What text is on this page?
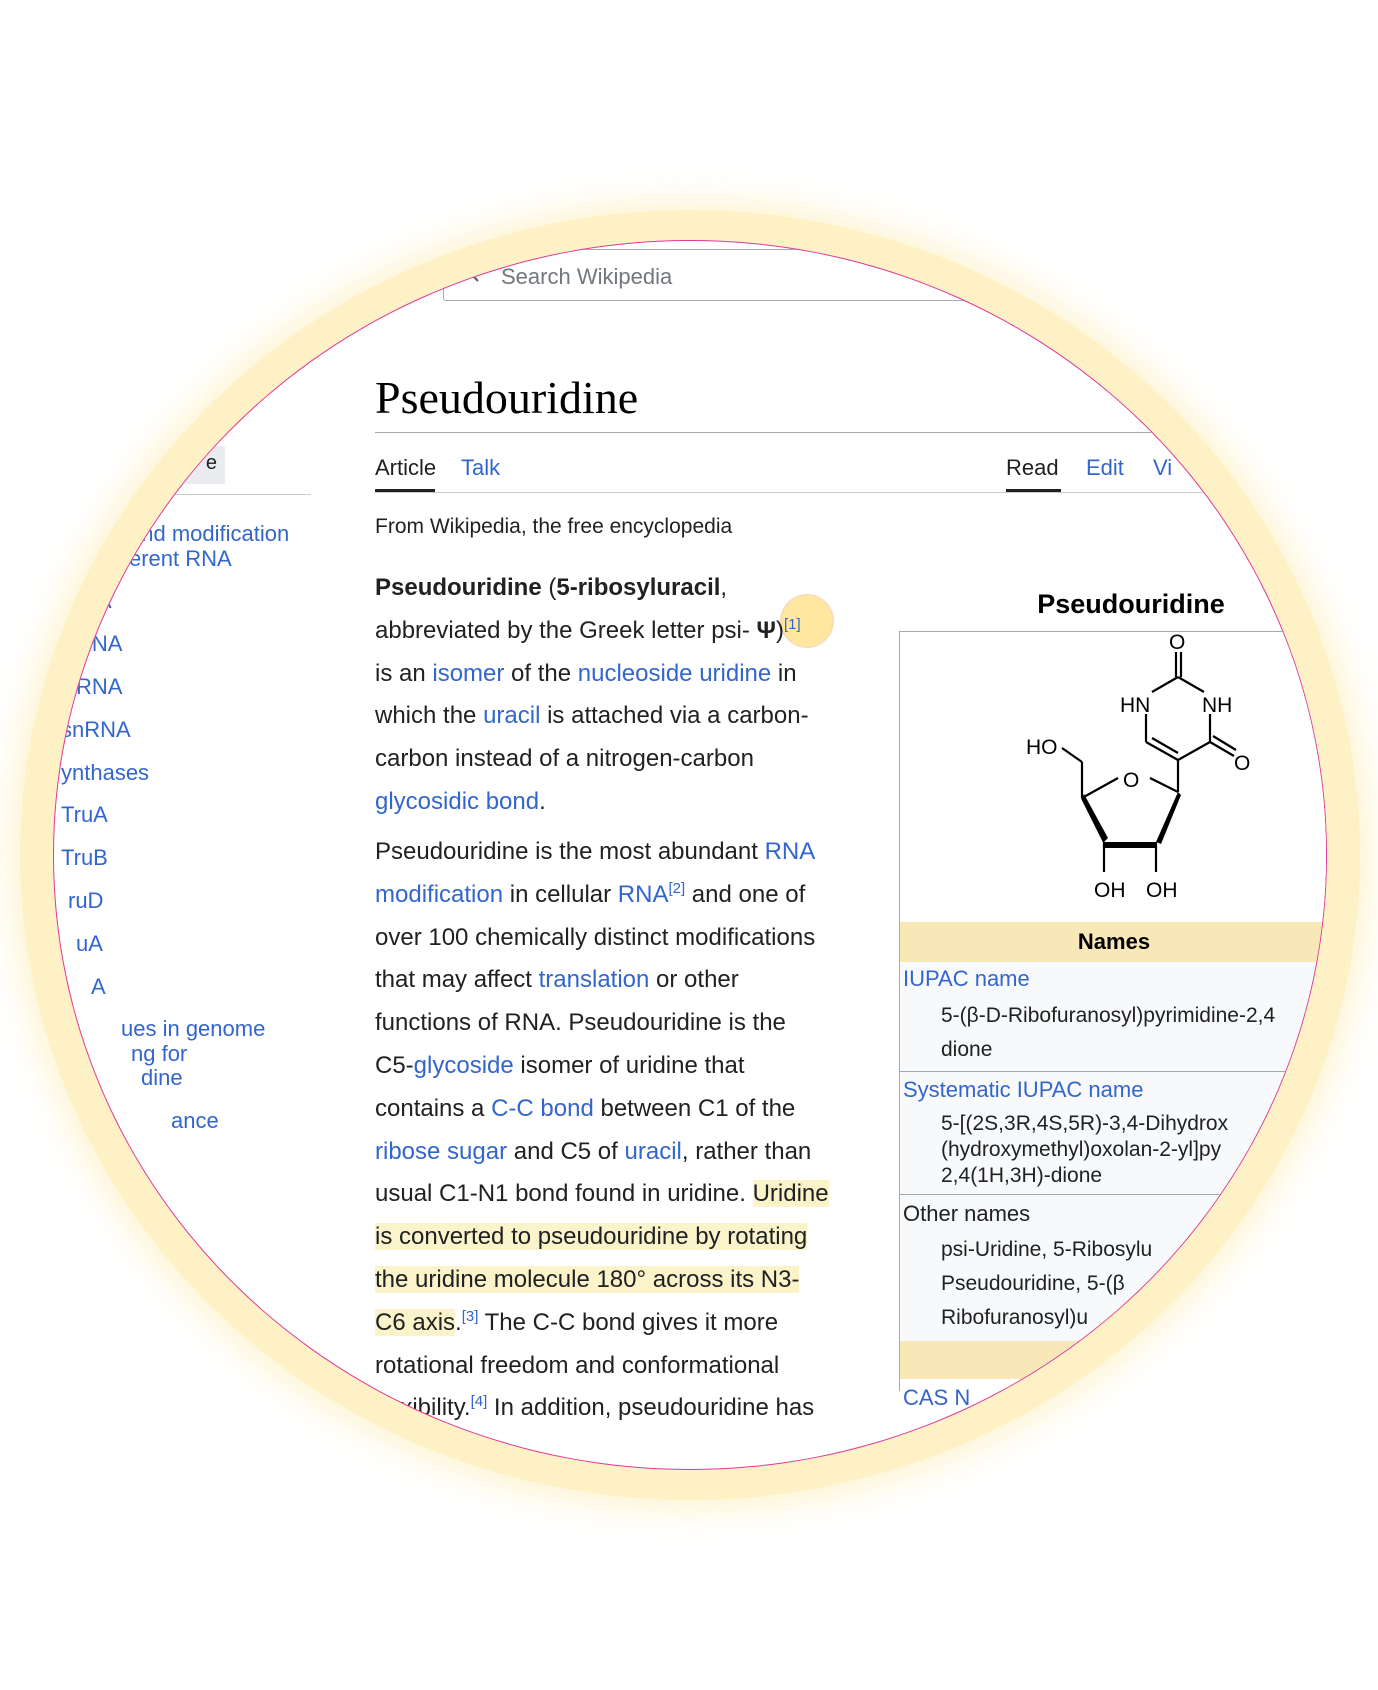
Search Wikipedia
e
and modification
erent RNA
NA
RNA
RNA
snRNA
ynthases
TruA
TruB
ruD
uA
A
ues in genome
ng for
dine
ance
Pseudouridine
Article Talk	Read Edit Vi
From Wikipedia, the free encyclopedia
Pseudouridine (5-ribosyluracil,
abbreviated by the Greek letter psi- Ψ)[1]
is an isomer of the nucleoside uridine in
which the uracil is attached via a carbon-
carbon instead of a nitrogen-carbon
glycosidic bond.
Pseudouridine is the most abundant RNA
modification in cellular RNA[2] and one of
over 100 chemically distinct modifications
that may affect translation or other
functions of RNA. Pseudouridine is the
C5-glycoside isomer of uridine that
contains a C-C bond between C1 of the
ribose sugar and C5 of uracil, rather than
usual C1-N1 bond found in uridine. Uridine
is converted to pseudouridine by rotating
the uridine molecule 180° across its N3-
C6 axis.[3] The C-C bond gives it more
rotational freedom and conformational
flexibility.[4] In addition, pseudouridine has
Pseudouridine
O
HN NH
O
HO
O
OH OH
Names
IUPAC name
5-(β-D-Ribofuranosyl)pyrimidine-2,4
dione
Systematic IUPAC name
5-[(2S,3R,4S,5R)-3,4-Dihydrox
(hydroxymethyl)oxolan-2-yl]py
2,4(1H,3H)-dione
Other names
psi-Uridine, 5-Ribosylu
Pseudouridine, 5-(β
Ribofuranosyl)u
CAS N
